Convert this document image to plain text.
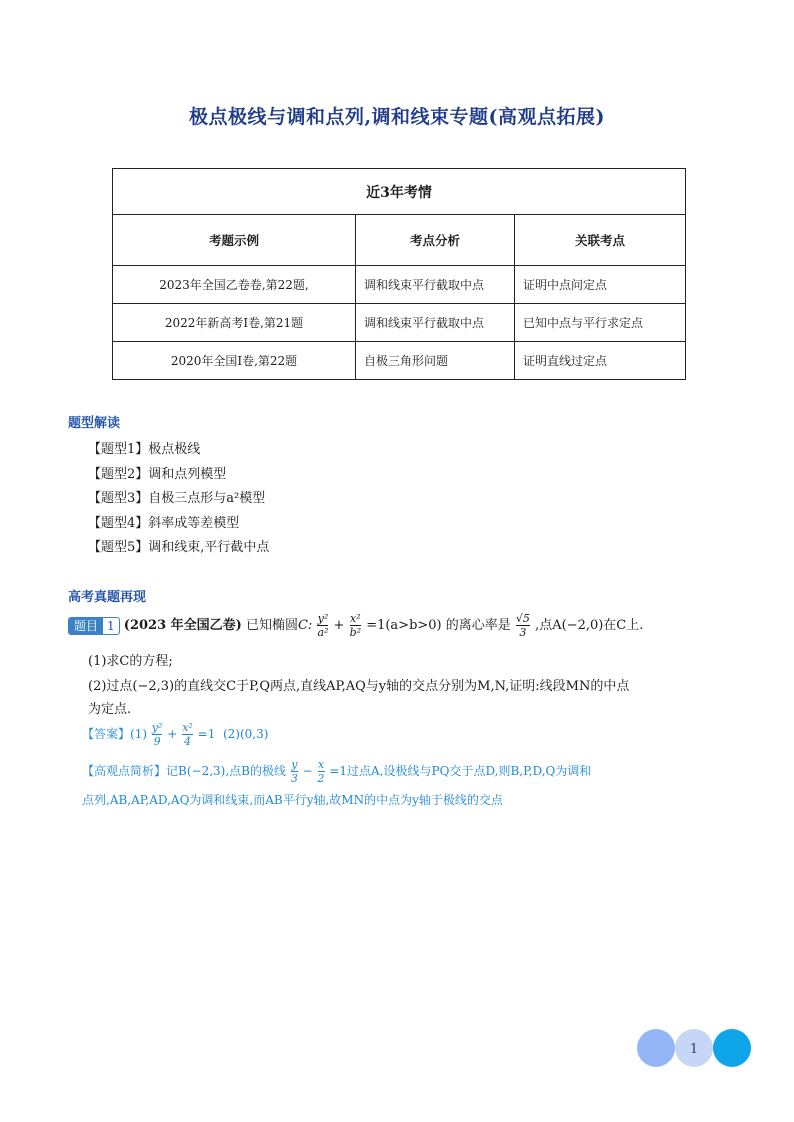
极点极线与调和点列,调和线束专题(高观点拓展)
近3年考情		
考题示例	考点分析	关联考点
2023年全国乙卷卷,第22题,	调和线束平行截取中点	证明中点问定点
2022年新高考I卷,第21题	调和线束平行截取中点	已知中点与平行求定点
2020年全国I卷,第22题	自极三角形问题	证明直线过定点
题型解读
【题型1】极点极线
【题型2】调和点列模型
【题型3】自极三点形与a²模型
【题型4】斜率成等差模型
【题型5】调和线束,平行截中点
高考真题再现
题目 1 (2023 年全国乙卷) 已知椭圆C: $\frac{\text{y²}}{\text{a²}} + \frac{\text{x²}}{\text{b²}} =1(a>b>0)$ 的离心率是 $\frac{√5}{3}$ ,点A(−2,0)在C上.
(1)求C的方程;
(2)过点(−2,3)的直线交C于P,Q两点,直线AP,AQ与y轴的交点分别为M,N,证明:线段MN的中点
为定点.
【答案】$(1) \frac{\text{y²}}{9} + \frac{\text{x²}}{4} =1$ (2)(0,3)
【高观点简析】记B(−2,3),点B的极线 $\frac{y}{3} - \frac{x}{2} =1$过点A,设极线与PQ交于点D,则B,P,D,Q为调和
点列,AB,AP,AD,AQ为调和线束,而AB平行y轴,故MN的中点为y轴于极线的交点
1
